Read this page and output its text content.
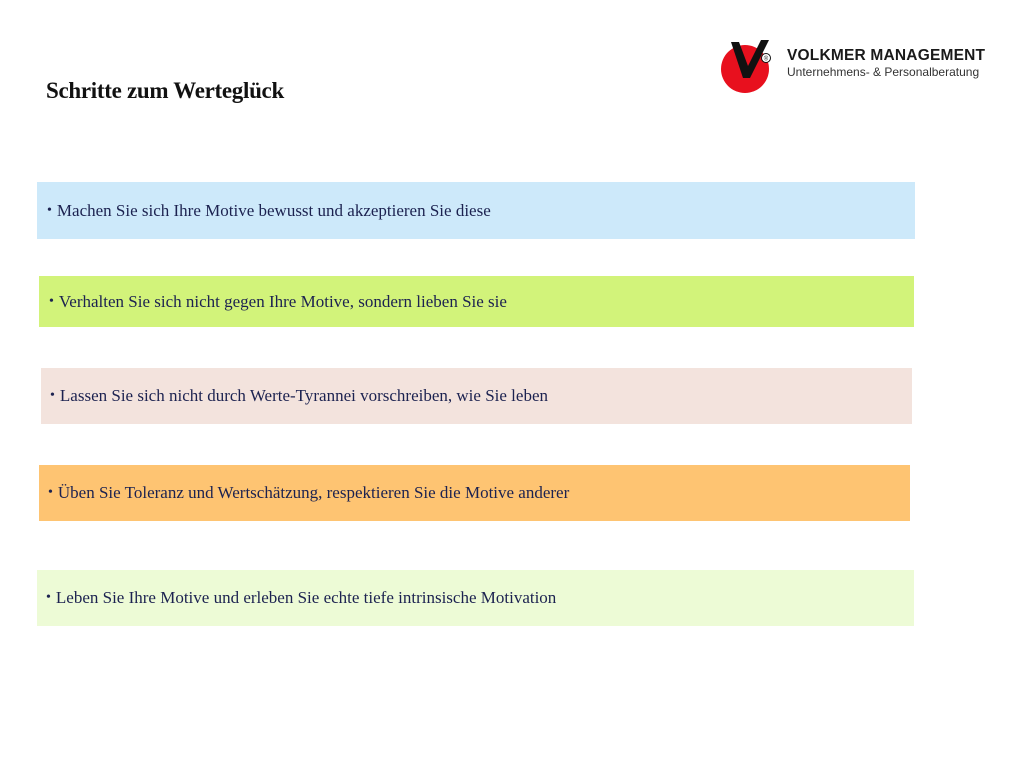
Schritte zum Werteglück
® VOLKMER MANAGEMENT
Unternehmens- & Personalberatung
• Machen Sie sich Ihre Motive bewusst und akzeptieren Sie diese
• Verhalten Sie sich nicht gegen Ihre Motive, sondern lieben Sie sie
• Lassen Sie sich nicht durch Werte-Tyrannei vorschreiben, wie Sie leben
• Üben Sie Toleranz und Wertschätzung, respektieren Sie die Motive anderer
• Leben Sie Ihre Motive und erleben Sie echte tiefe intrinsische Motivation
